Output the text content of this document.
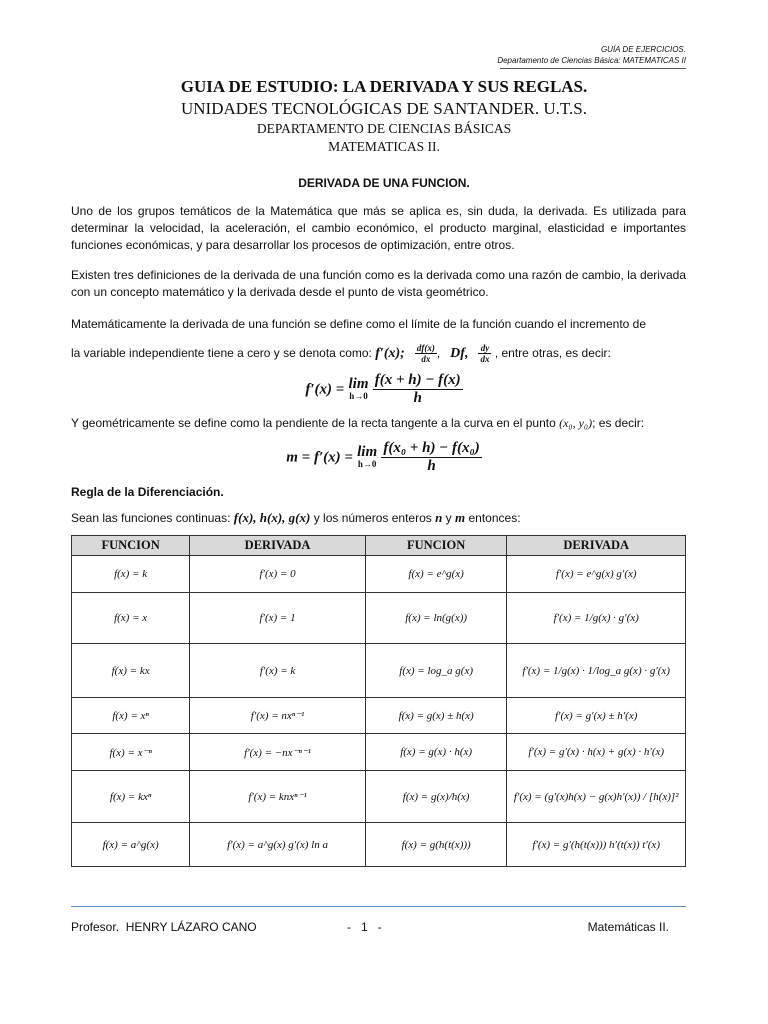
GUÍA DE EJERCICIOS.
Departamento de Ciencias Básica: MATEMATICAS II
GUIA DE ESTUDIO: LA DERIVADA Y SUS REGLAS.
UNIDADES TECNOLÓGICAS DE SANTANDER. U.T.S.
DEPARTAMENTO DE CIENCIAS BÁSICAS
MATEMATICAS II.
DERIVADA DE UNA FUNCION.
Uno de los grupos temáticos de la Matemática que más se aplica es, sin duda, la derivada. Es utilizada para determinar la velocidad, la aceleración, el cambio económico, el producto marginal, elasticidad e importantes funciones económicas, y para desarrollar los procesos de optimización, entre otros.
Existen tres definiciones de la derivada de una función como es la derivada como una razón de cambio, la derivada con un concepto matemático y la derivada desde el punto de vista geométrico.
Matemáticamente la derivada de una función se define como el límite de la función cuando el incremento de
la variable independiente tiene a cero y se denota como: f′(x); $\frac{df(x)}{dx}$ ,   Df, $\frac{dy}{dx}$ , entre otras, es decir:
f′(x) = lim
h→0
$\frac{f(x + h) - f(x)}{h}$
Y geométricamente se define como la pendiente de la recta tangente a la curva en el punto (x₀, y₀); es decir:
m = f′(x) = lim
h→0
$\frac{\text{f(x₀ + h) − f(x₀)}}{h}$
Regla de la Diferenciación.
Sean las funciones continuas: f(x), h(x), g(x) y los números enteros n y m entonces:
FUNCION	DERIVADA	FUNCION	DERIVADA
f(x) = k	f′(x) = 0	f(x) = e^g(x)	f′(x) = e^g(x) g′(x)
f(x) = x	f′(x) = 1	f(x) = ln(g(x))	f′(x) = 1/g(x) · g′(x)
f(x) = kx	f′(x) = k	f(x) = log_a g(x)	f′(x) = 1/g(x) · 1/log_a g(x) · g′(x)
f(x) = xⁿ	f′(x) = nxⁿ⁻¹	f(x) = g(x) ± h(x)	f′(x) = g′(x) ± h′(x)
f(x) = x⁻ⁿ	f′(x) = −nx⁻ⁿ⁻¹	f(x) = g(x) · h(x)	f′(x) = g′(x) · h(x) + g(x) · h′(x)
f(x) = kxⁿ	f′(x) = knxⁿ⁻¹	f(x) = g(x)/h(x)	f′(x) = (g′(x)h(x) − g(x)h′(x)) / [h(x)]²
f(x) = a^g(x)	f′(x) = a^g(x) g′(x) ln a	f(x) = g(h(t(x)))	f′(x) = g′(h(t(x))) h′(t(x)) t′(x)
Profesor.  HENRY LÁZARO CANO	-   1   -	Matemáticas II.
